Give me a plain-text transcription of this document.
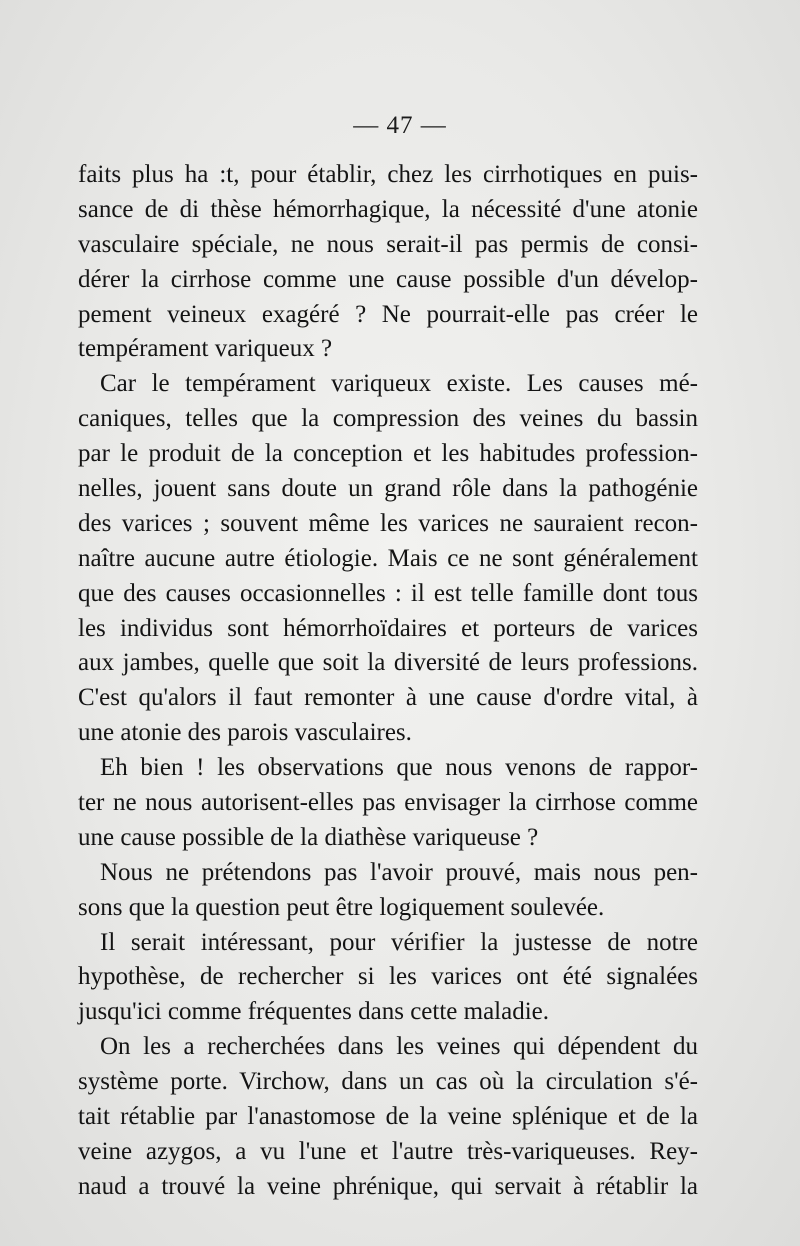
— 47 —
faits plus ha :t, pour établir, chez les cirrhotiques en puis-
sance de di thèse hémorrhagique, la nécessité d'une atonie
vasculaire spéciale, ne nous serait-il pas permis de consi-
dérer la cirrhose comme une cause possible d'un dévelop-
pement veineux exagéré ? Ne pourrait-elle pas créer le
tempérament variqueux ?
Car le tempérament variqueux existe. Les causes mé-
caniques, telles que la compression des veines du bassin
par le produit de la conception et les habitudes profession-
nelles, jouent sans doute un grand rôle dans la pathogénie
des varices ; souvent même les varices ne sauraient recon-
naître aucune autre étiologie. Mais ce ne sont généralement
que des causes occasionnelles : il est telle famille dont tous
les individus sont hémorrhoïdaires et porteurs de varices
aux jambes, quelle que soit la diversité de leurs professions.
C'est qu'alors il faut remonter à une cause d'ordre vital, à
une atonie des parois vasculaires.
Eh bien ! les observations que nous venons de rappor-
ter ne nous autorisent-elles pas envisager la cirrhose comme
une cause possible de la diathèse variqueuse ?
Nous ne prétendons pas l'avoir prouvé, mais nous pen-
sons que la question peut être logiquement soulevée.
Il serait intéressant, pour vérifier la justesse de notre
hypothèse, de rechercher si les varices ont été signalées
jusqu'ici comme fréquentes dans cette maladie.
On les a recherchées dans les veines qui dépendent du
système porte. Virchow, dans un cas où la circulation s'é-
tait rétablie par l'anastomose de la veine splénique et de la
veine azygos, a vu l'une et l'autre très-variqueuses. Rey-
naud a trouvé la veine phrénique, qui servait à rétablir la
